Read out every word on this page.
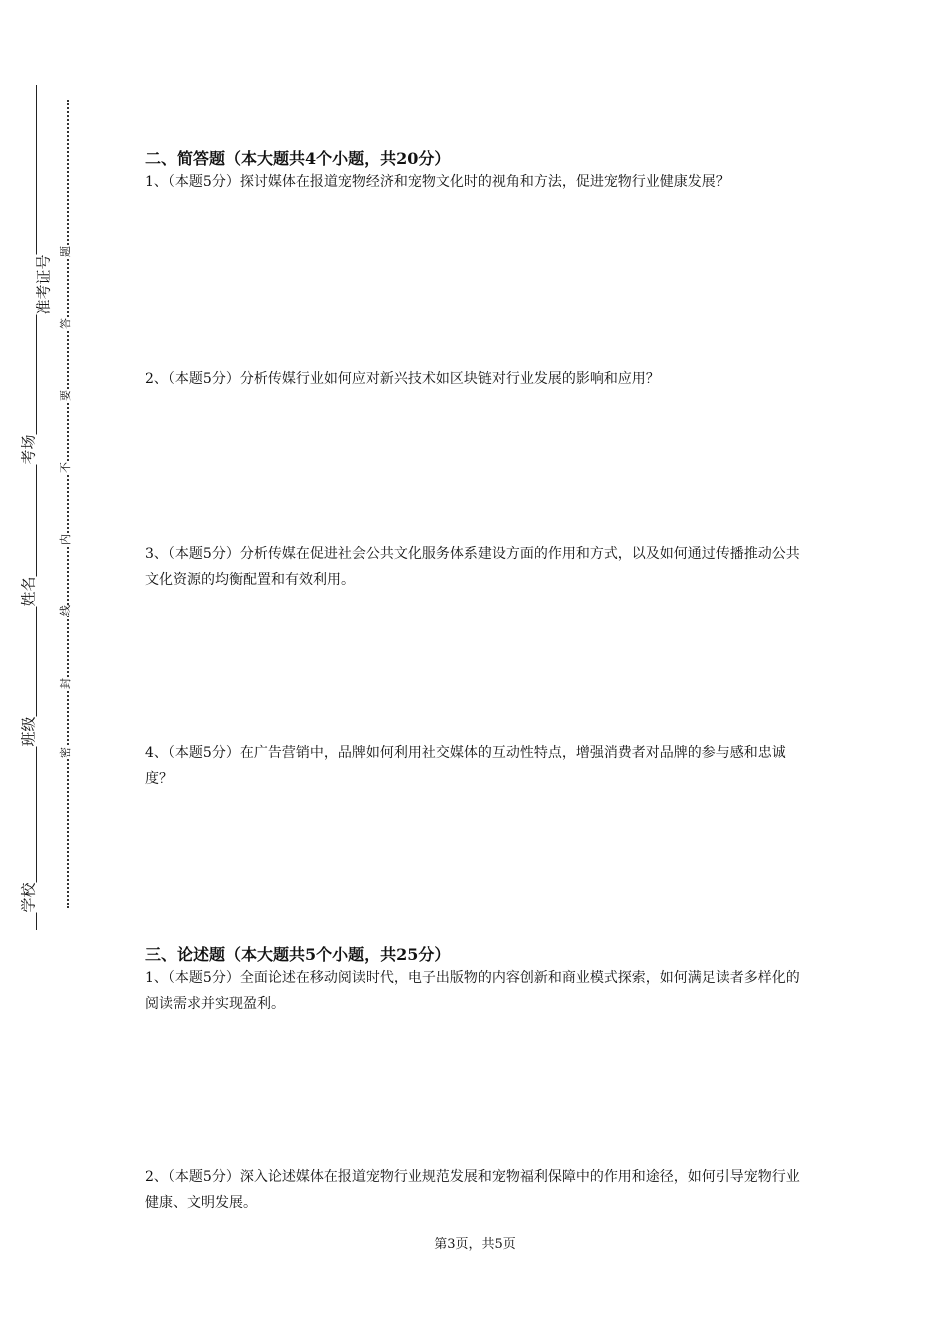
学校
班级
姓名
考场
准考证号
密
封
线
内
不
要
答
题
二、简答题（本大题共4个小题，共20分）

1、（本题5分）探讨媒体在报道宠物经济和宠物文化时的视角和方法，促进宠物行业健康发展？

2、（本题5分）分析传媒行业如何应对新兴技术如区块链对行业发展的影响和应用？

3、（本题5分）分析传媒在促进社会公共文化服务体系建设方面的作用和方式，以及如何通过传播推动公共文化资源的均衡配置和有效利用。

4、（本题5分）在广告营销中，品牌如何利用社交媒体的互动性特点，增强消费者对品牌的参与感和忠诚度？

三、论述题（本大题共5个小题，共25分）

1、（本题5分）全面论述在移动阅读时代，电子出版物的内容创新和商业模式探索，如何满足读者多样化的阅读需求并实现盈利。

2、（本题5分）深入论述媒体在报道宠物行业规范发展和宠物福利保障中的作用和途径，如何引导宠物行业健康、文明发展。

第3页，共5页
